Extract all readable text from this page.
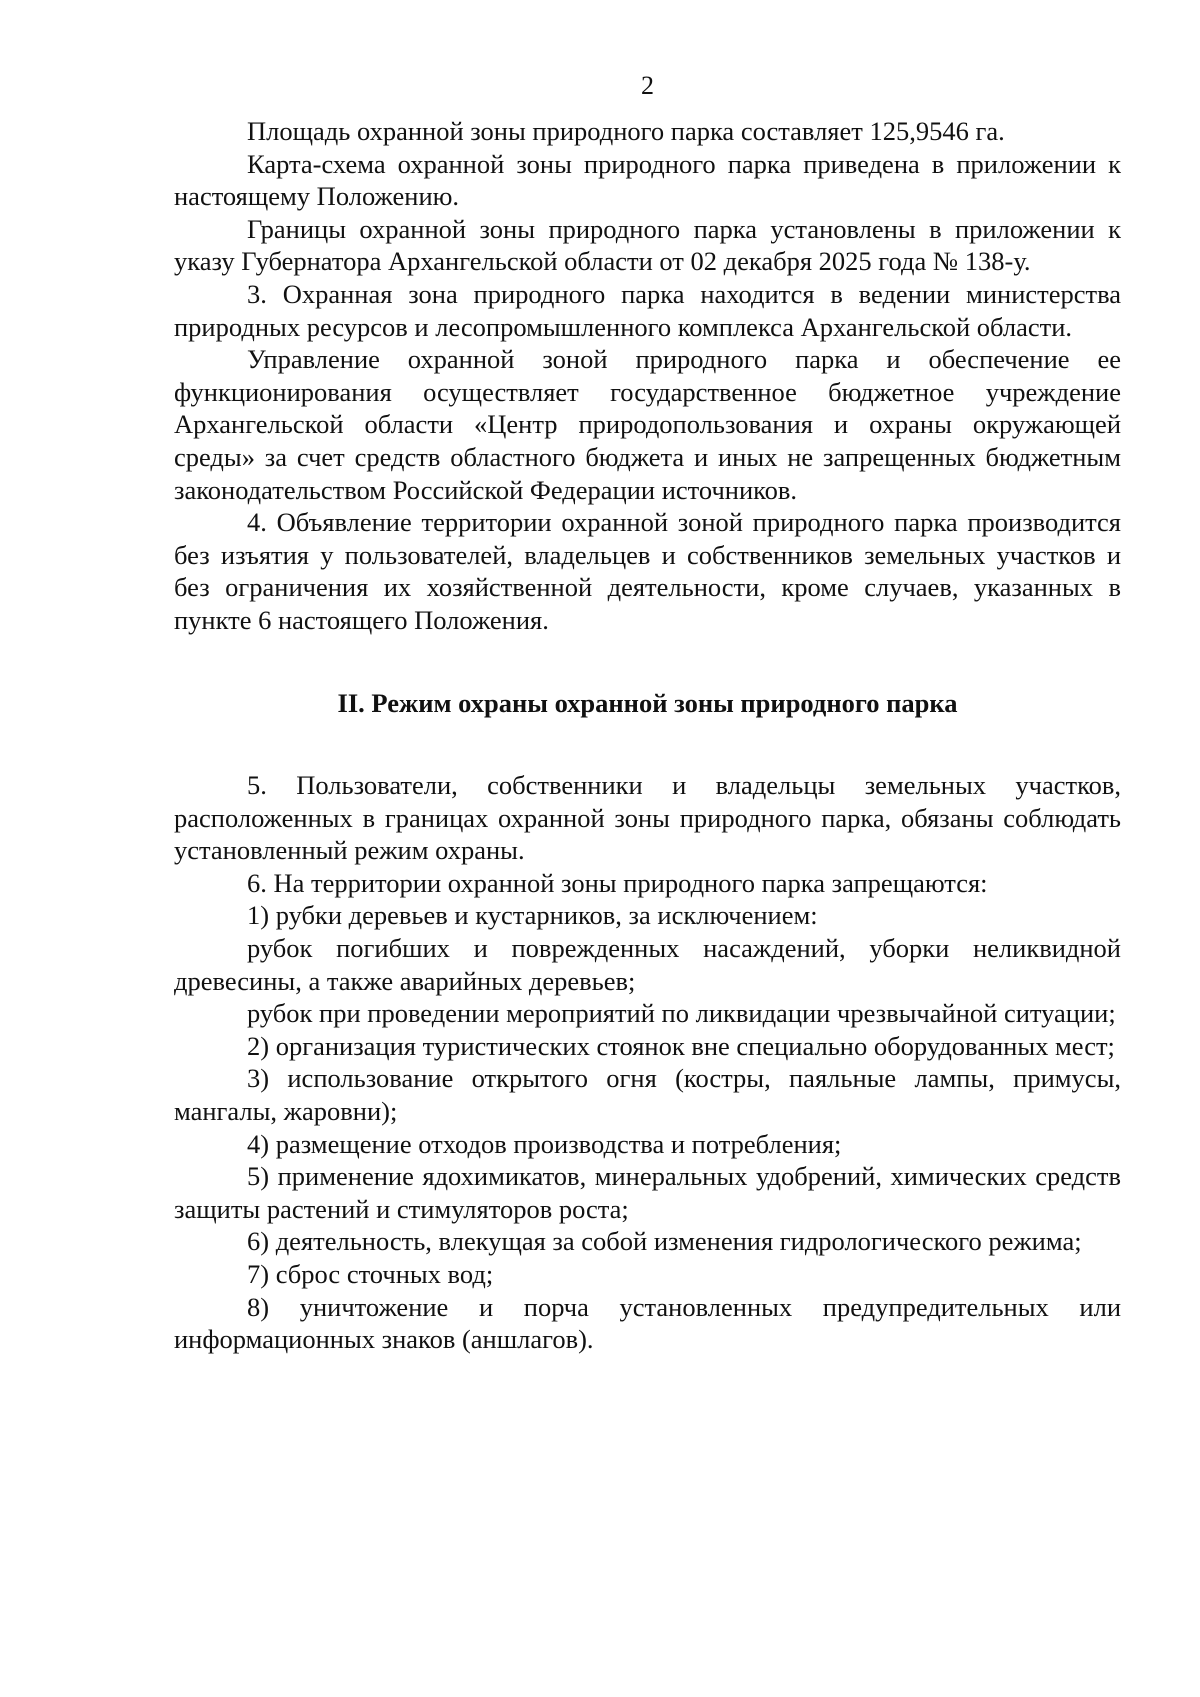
2

Площадь охранной зоны природного парка составляет 125,9546 га.

Карта-схема охранной зоны природного парка приведена в приложении к настоящему Положению.

Границы охранной зоны природного парка установлены в приложении к указу Губернатора Архангельской области от 02 декабря 2025 года № 138-у.

3. Охранная зона природного парка находится в ведении министерства природных ресурсов и лесопромышленного комплекса Архангельской области.

Управление охранной зоной природного парка и обеспечение ее функционирования осуществляет государственное бюджетное учреждение Архангельской области «Центр природопользования и охраны окружающей среды» за счет средств областного бюджета и иных не запрещенных бюджетным законодательством Российской Федерации источников.

4. Объявление территории охранной зоной природного парка производится без изъятия у пользователей, владельцев и собственников земельных участков и без ограничения их хозяйственной деятельности, кроме случаев, указанных в пункте 6 настоящего Положения.

II. Режим охраны охранной зоны природного парка

5. Пользователи, собственники и владельцы земельных участков, расположенных в границах охранной зоны природного парка, обязаны соблюдать установленный режим охраны.

6. На территории охранной зоны природного парка запрещаются:

1) рубки деревьев и кустарников, за исключением:

рубок погибших и поврежденных насаждений, уборки неликвидной древесины, а также аварийных деревьев;

рубок при проведении мероприятий по ликвидации чрезвычайной ситуации;

2) организация туристических стоянок вне специально оборудованных мест;

3) использование открытого огня (костры, паяльные лампы, примусы, мангалы, жаровни);

4) размещение отходов производства и потребления;

5) применение ядохимикатов, минеральных удобрений, химических средств защиты растений и стимуляторов роста;

6) деятельность, влекущая за собой изменения гидрологического режима;

7) сброс сточных вод;

8) уничтожение и порча установленных предупредительных или информационных знаков (аншлагов).
